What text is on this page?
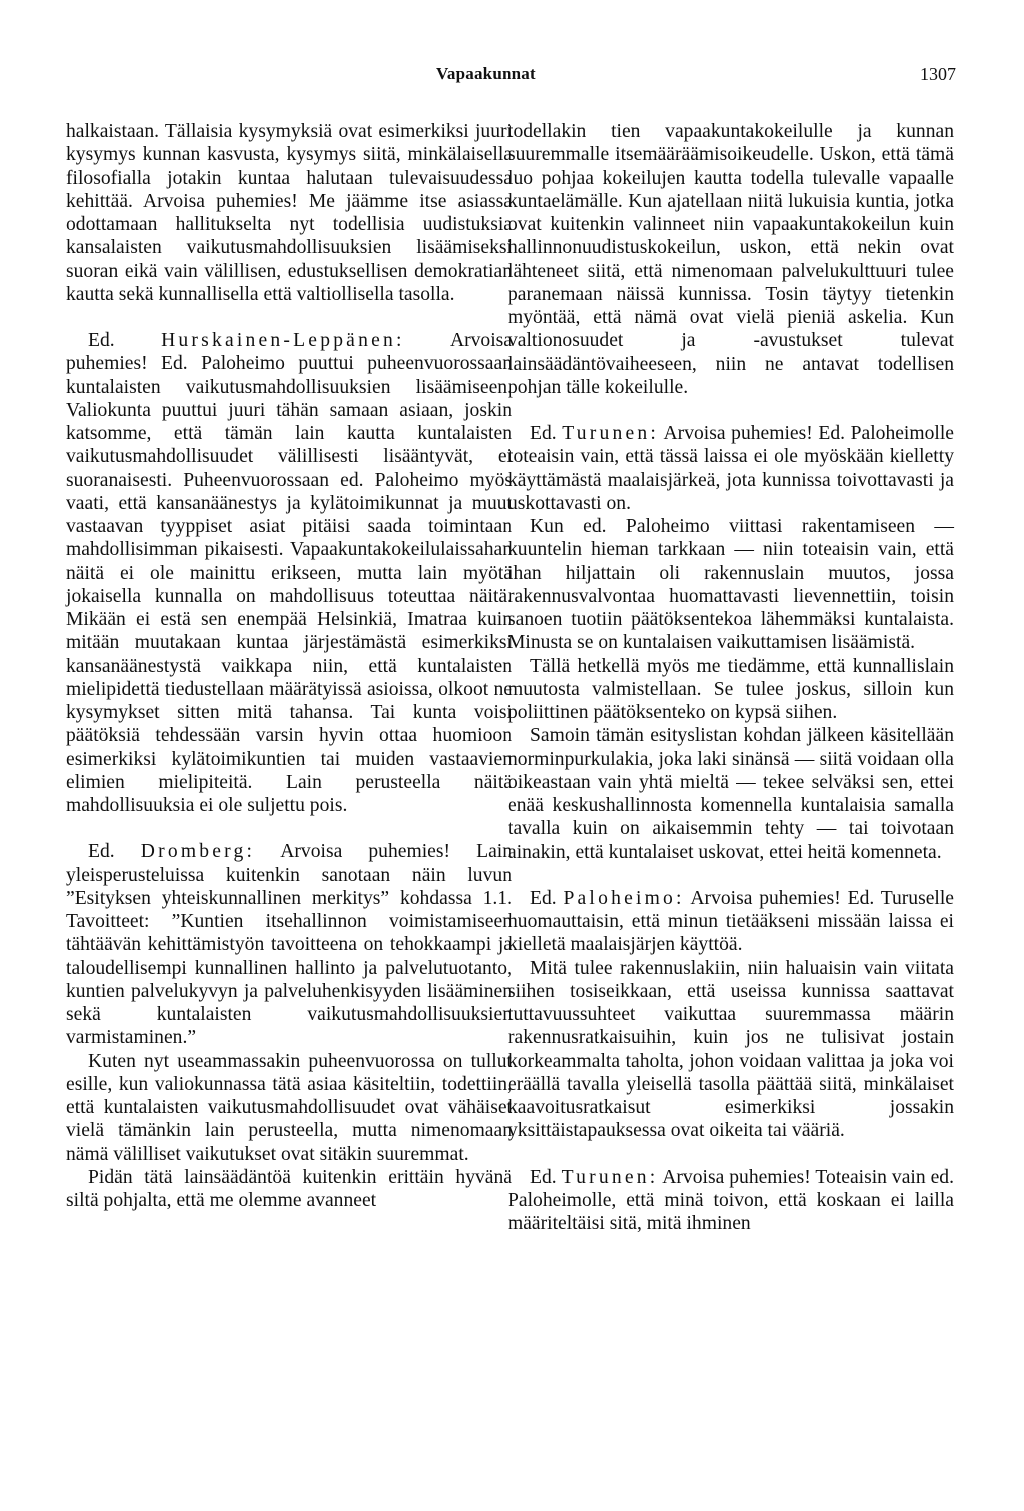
Vapaakunnat	1307

halkaistaan. Tällaisia kysymyksiä ovat esimerkiksi juuri kysymys kunnan kasvusta, kysymys siitä, minkälaisella filosofialla jotakin kuntaa halutaan tulevaisuudessa kehittää. Arvoisa puhemies! Me jäämme itse asiassa odottamaan hallitukselta nyt todellisia uudistuksia kansalaisten vaikutusmahdollisuuksien lisäämiseksi suoran eikä vain välillisen, edustuksellisen demokratian kautta sekä kunnallisella että valtiollisella tasolla.

Ed. Hurskainen-Leppänen: Arvoisa puhemies! Ed. Paloheimo puuttui puheenvuorossaan kuntalaisten vaikutusmahdollisuuksien lisäämiseen. Valiokunta puuttui juuri tähän samaan asiaan, joskin katsomme, että tämän lain kautta kuntalaisten vaikutusmahdollisuudet välillisesti lisääntyvät, ei suoranaisesti. Puheenvuorossaan ed. Paloheimo myös vaati, että kansanäänestys ja kylätoimikunnat ja muut vastaavan tyyppiset asiat pitäisi saada toimintaan mahdollisimman pikaisesti. Vapaakuntakokeilulaissahan näitä ei ole mainittu erikseen, mutta lain myötä jokaisella kunnalla on mahdollisuus toteuttaa näitä. Mikään ei estä sen enempää Helsinkiä, Imatraa kuin mitään muutakaan kuntaa järjestämästä esimerkiksi kansanäänestystä vaikkapa niin, että kuntalaisten mielipidettä tiedustellaan määrätyissä asioissa, olkoot ne kysymykset sitten mitä tahansa. Tai kunta voisi päätöksiä tehdessään varsin hyvin ottaa huomioon esimerkiksi kylätoimikuntien tai muiden vastaavien elimien mielipiteitä. Lain perusteella näitä mahdollisuuksia ei ole suljettu pois.

Ed. Dromberg: Arvoisa puhemies! Lain yleisperusteluissa kuitenkin sanotaan näin luvun ”Esityksen yhteiskunnallinen merkitys” kohdassa 1.1. Tavoitteet: ”Kuntien itsehallinnon voimistamiseen tähtäävän kehittämistyön tavoitteena on tehokkaampi ja taloudellisempi kunnallinen hallinto ja palvelutuotanto, kuntien palvelukyvyn ja palveluhenkisyyden lisääminen sekä kuntalaisten vaikutusmahdollisuuksien varmistaminen.”

Kuten nyt useammassakin puheenvuorossa on tullut esille, kun valiokunnassa tätä asiaa käsiteltiin, todettiin, että kuntalaisten vaikutusmahdollisuudet ovat vähäiset vielä tämänkin lain perusteella, mutta nimenomaan nämä välilliset vaikutukset ovat sitäkin suuremmat.

Pidän tätä lainsäädäntöä kuitenkin erittäin hyvänä siltä pohjalta, että me olemme avanneet

todellakin tien vapaakuntakokeilulle ja kunnan suuremmalle itsemääräämisoikeudelle. Uskon, että tämä luo pohjaa kokeilujen kautta todella tulevalle vapaalle kuntaelämälle. Kun ajatellaan niitä lukuisia kuntia, jotka ovat kuitenkin valinneet niin vapaakuntakokeilun kuin hallinnonuudistuskokeilun, uskon, että nekin ovat lähteneet siitä, että nimenomaan palvelukulttuuri tulee paranemaan näissä kunnissa. Tosin täytyy tietenkin myöntää, että nämä ovat vielä pieniä askelia. Kun valtionosuudet ja -avustukset tulevat lainsäädäntövaiheeseen, niin ne antavat todellisen pohjan tälle kokeilulle.

Ed. Turunen: Arvoisa puhemies! Ed. Paloheimolle toteaisin vain, että tässä laissa ei ole myöskään kielletty käyttämästä maalaisjärkeä, jota kunnissa toivottavasti ja uskottavasti on.

Kun ed. Paloheimo viittasi rakentamiseen — kuuntelin hieman tarkkaan — niin toteaisin vain, että ihan hiljattain oli rakennuslain muutos, jossa rakennusvalvontaa huomattavasti lievennettiin, toisin sanoen tuotiin päätöksentekoa lähemmäksi kuntalaista. Minusta se on kuntalaisen vaikuttamisen lisäämistä.

Tällä hetkellä myös me tiedämme, että kunnallislain muutosta valmistellaan. Se tulee joskus, silloin kun poliittinen päätöksenteko on kypsä siihen.

Samoin tämän esityslistan kohdan jälkeen käsitellään norminpurkulakia, joka laki sinänsä — siitä voidaan olla oikeastaan vain yhtä mieltä — tekee selväksi sen, ettei enää keskushallinnosta komennella kuntalaisia samalla tavalla kuin on aikaisemmin tehty — tai toivotaan ainakin, että kuntalaiset uskovat, ettei heitä komenneta.

Ed. Paloheimo: Arvoisa puhemies! Ed. Turuselle huomauttaisin, että minun tietääkseni missään laissa ei kielletä maalaisjärjen käyttöä.

Mitä tulee rakennuslakiin, niin haluaisin vain viitata siihen tosiseikkaan, että useissa kunnissa saattavat tuttavuussuhteet vaikuttaa suuremmassa määrin rakennusratkaisuihin, kuin jos ne tulisivat jostain korkeammalta taholta, johon voidaan valittaa ja joka voi eräällä tavalla yleisellä tasolla päättää siitä, minkälaiset kaavoitusratkaisut esimerkiksi jossakin yksittäistapauksessa ovat oikeita tai vääriä.

Ed. Turunen: Arvoisa puhemies! Toteaisin vain ed. Paloheimolle, että minä toivon, että koskaan ei lailla määriteltäisi sitä, mitä ihminen
